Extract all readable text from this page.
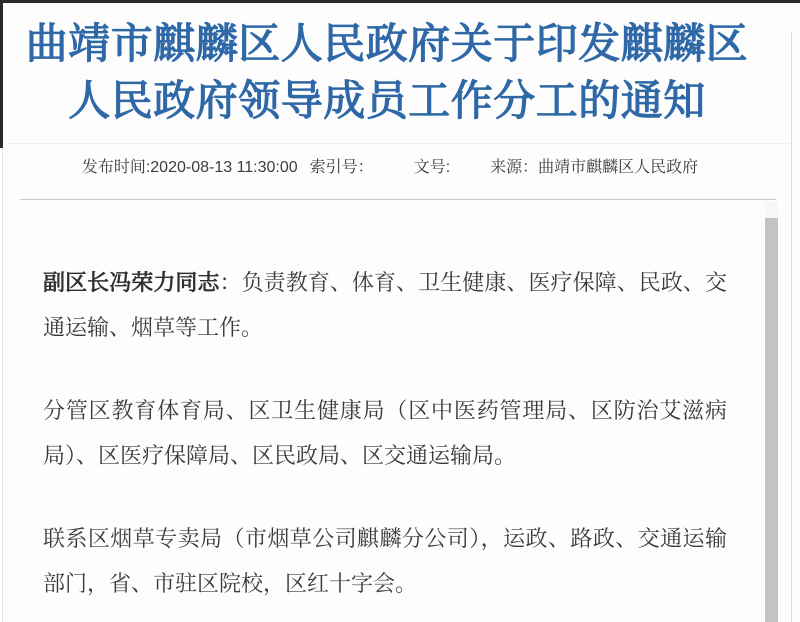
曲靖市麒麟区人民政府关于印发麒麟区
人民政府领导成员工作分工的通知
发布时间: 2020-08-13 11:30:00 索引号：	文号:	来源： 曲靖市麒麟区人民政府

副区长冯荣力同志：负责教育、体育、卫生健康、医疗保障、民政、交通运输、烟草等工作。

分管区教育体育局、区卫生健康局（区中医药管理局、区防治艾滋病局）、区医疗保障局、区民政局、区交通运输局。

联系区烟草专卖局（市烟草公司麒麟分公司），运政、路政、交通运输部门，省、市驻区院校，区红十字会。
